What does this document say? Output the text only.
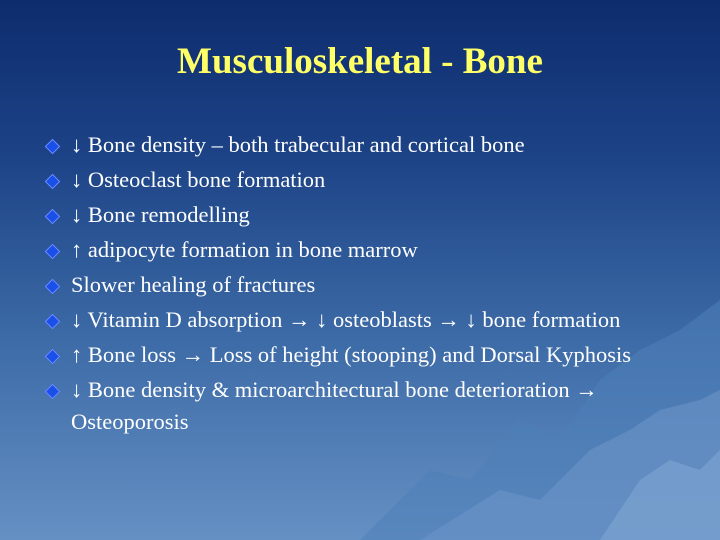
Musculoskeletal - Bone
↓ Bone density – both trabecular and cortical bone
↓ Osteoclast bone formation
↓ Bone remodelling
↑ adipocyte formation in bone marrow
Slower healing of fractures
↓ Vitamin D absorption → ↓ osteoblasts → ↓ bone formation
↑ Bone loss → Loss of height (stooping) and Dorsal Kyphosis
↓ Bone density & microarchitectural bone deterioration → Osteoporosis
